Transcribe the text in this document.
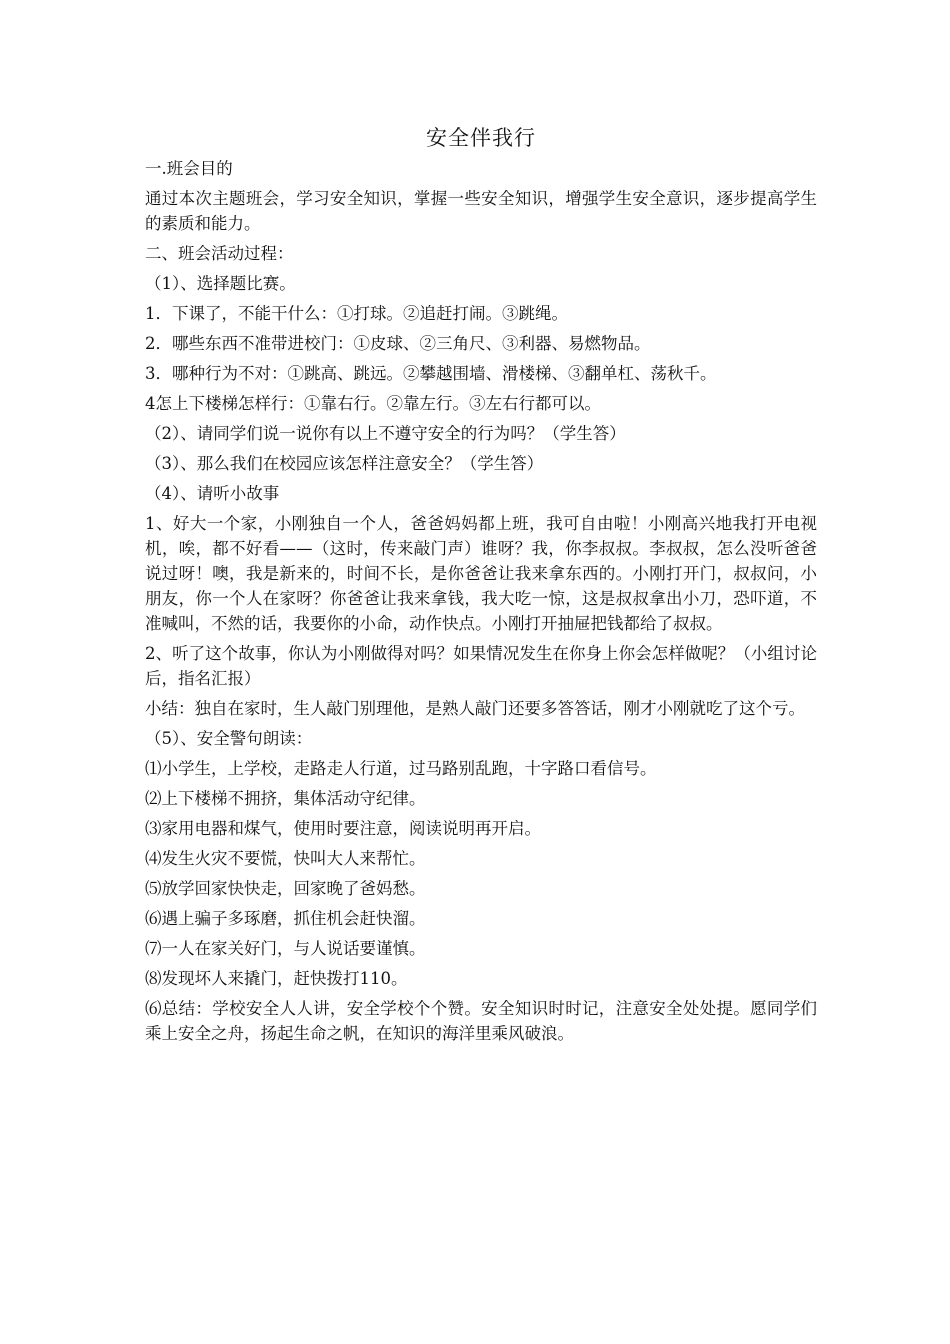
安全伴我行
一.班会目的
通过本次主题班会，学习安全知识，掌握一些安全知识，增强学生安全意识，逐步提高学生的素质和能力。
二、班会活动过程：
（1）、选择题比赛。
1．下课了，不能干什么：①打球。②追赶打闹。③跳绳。
2．哪些东西不准带进校门：①皮球、②三角尺、③利器、易燃物品。
3．哪种行为不对：①跳高、跳远。②攀越围墙、滑楼梯、③翻单杠、荡秋千。
4怎上下楼梯怎样行：①靠右行。②靠左行。③左右行都可以。
（2）、请同学们说一说你有以上不遵守安全的行为吗？（学生答）
（3）、那么我们在校园应该怎样注意安全？（学生答）
（4）、请听小故事
1、好大一个家，小刚独自一个人，爸爸妈妈都上班，我可自由啦！小刚高兴地我打开电视机，唉，都不好看——（这时，传来敲门声）谁呀？我，你李叔叔。李叔叔，怎么没听爸爸说过呀！噢，我是新来的，时间不长，是你爸爸让我来拿东西的。小刚打开门，叔叔问，小朋友，你一个人在家呀？你爸爸让我来拿钱，我大吃一惊，这是叔叔拿出小刀，恐吓道，不准喊叫，不然的话，我要你的小命，动作快点。小刚打开抽屉把钱都给了叔叔。
2、听了这个故事，你认为小刚做得对吗？如果情况发生在你身上你会怎样做呢？（小组讨论后，指名汇报）
小结：独自在家时，生人敲门别理他，是熟人敲门还要多答答话，刚才小刚就吃了这个亏。
（5）、安全警句朗读：
⑴小学生，上学校，走路走人行道，过马路别乱跑，十字路口看信号。
⑵上下楼梯不拥挤，集体活动守纪律。
⑶家用电器和煤气，使用时要注意，阅读说明再开启。
⑷发生火灾不要慌，快叫大人来帮忙。
⑸放学回家快快走，回家晚了爸妈愁。
⑹遇上骗子多琢磨，抓住机会赶快溜。
⑺一人在家关好门，与人说话要谨慎。
⑻发现坏人来撬门，赶快拨打110。
⑹总结：学校安全人人讲，安全学校个个赞。安全知识时时记，注意安全处处提。愿同学们乘上安全之舟，扬起生命之帆，在知识的海洋里乘风破浪。
